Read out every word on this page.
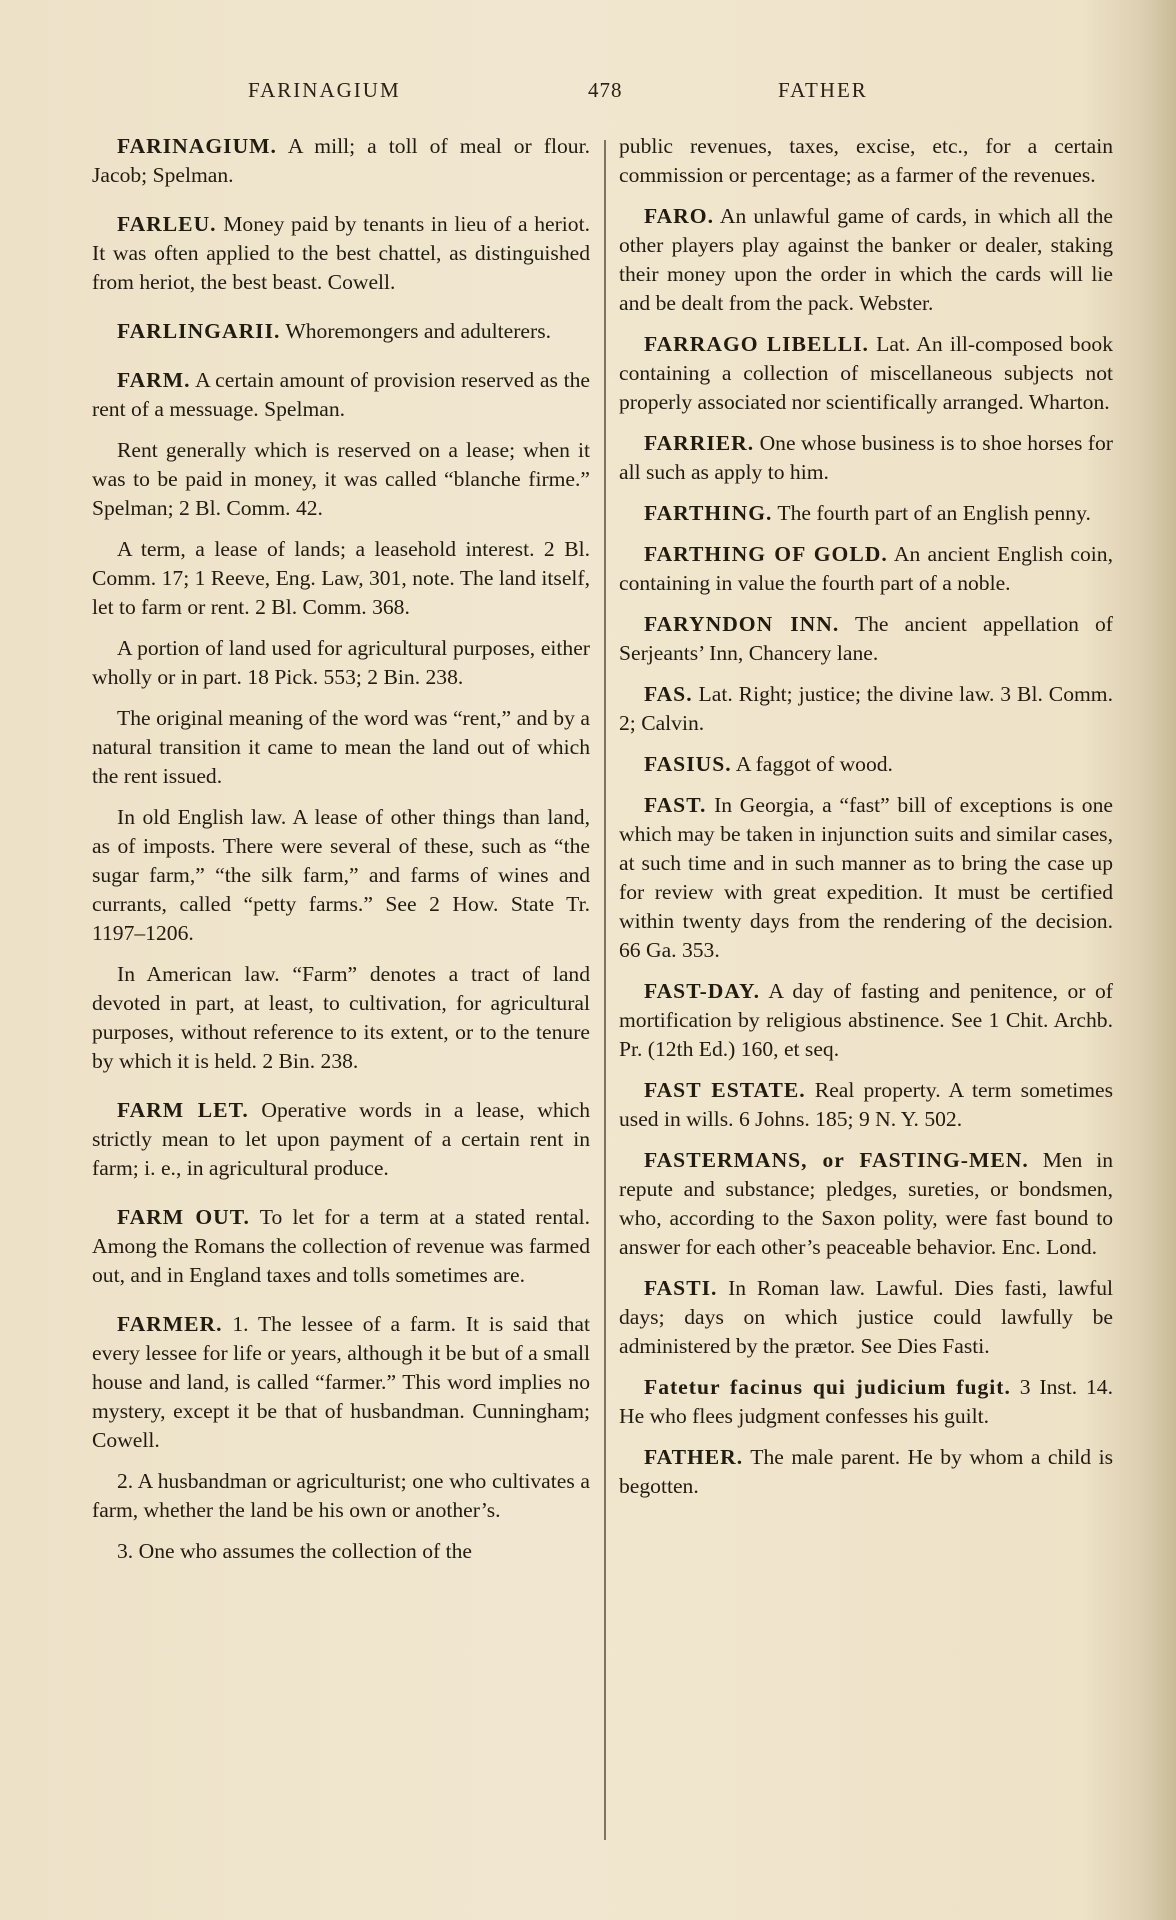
FARINAGIUM	478	FATHER

FARINAGIUM. A mill; a toll of meal or flour. Jacob; Spelman.

FARLEU. Money paid by tenants in lieu of a heriot. It was often applied to the best chattel, as distinguished from heriot, the best beast. Cowell.

FARLINGARII. Whoremongers and adulterers.

FARM. A certain amount of provision reserved as the rent of a messuage. Spelman.

Rent generally which is reserved on a lease; when it was to be paid in money, it was called “blanche firme.” Spelman; 2 Bl. Comm. 42.

A term, a lease of lands; a leasehold interest. 2 Bl. Comm. 17; 1 Reeve, Eng. Law, 301, note. The land itself, let to farm or rent. 2 Bl. Comm. 368.

A portion of land used for agricultural purposes, either wholly or in part. 18 Pick. 553; 2 Bin. 238.

The original meaning of the word was “rent,” and by a natural transition it came to mean the land out of which the rent issued.

In old English law. A lease of other things than land, as of imposts. There were several of these, such as “the sugar farm,” “the silk farm,” and farms of wines and currants, called “petty farms.” See 2 How. State Tr. 1197–1206.

In American law. “Farm” denotes a tract of land devoted in part, at least, to cultivation, for agricultural purposes, without reference to its extent, or to the tenure by which it is held. 2 Bin. 238.

FARM LET. Operative words in a lease, which strictly mean to let upon payment of a certain rent in farm; i. e., in agricultural produce.

FARM OUT. To let for a term at a stated rental. Among the Romans the collection of revenue was farmed out, and in England taxes and tolls sometimes are.

FARMER. 1. The lessee of a farm. It is said that every lessee for life or years, although it be but of a small house and land, is called “farmer.” This word implies no mystery, except it be that of husbandman. Cunningham; Cowell.

2. A husbandman or agriculturist; one who cultivates a farm, whether the land be his own or another’s.

3. One who assumes the collection of the

public revenues, taxes, excise, etc., for a certain commission or percentage; as a farmer of the revenues.

FARO. An unlawful game of cards, in which all the other players play against the banker or dealer, staking their money upon the order in which the cards will lie and be dealt from the pack. Webster.

FARRAGO LIBELLI. Lat. An ill-composed book containing a collection of miscellaneous subjects not properly associated nor scientifically arranged. Wharton.

FARRIER. One whose business is to shoe horses for all such as apply to him.

FARTHING. The fourth part of an English penny.

FARTHING OF GOLD. An ancient English coin, containing in value the fourth part of a noble.

FARYNDON INN. The ancient appellation of Serjeants’ Inn, Chancery lane.

FAS. Lat. Right; justice; the divine law. 3 Bl. Comm. 2; Calvin.

FASIUS. A faggot of wood.

FAST. In Georgia, a “fast” bill of exceptions is one which may be taken in injunction suits and similar cases, at such time and in such manner as to bring the case up for review with great expedition. It must be certified within twenty days from the rendering of the decision. 66 Ga. 353.

FAST-DAY. A day of fasting and penitence, or of mortification by religious abstinence. See 1 Chit. Archb. Pr. (12th Ed.) 160, et seq.

FAST ESTATE. Real property. A term sometimes used in wills. 6 Johns. 185; 9 N. Y. 502.

FASTERMANS, or FASTING-MEN. Men in repute and substance; pledges, sureties, or bondsmen, who, according to the Saxon polity, were fast bound to answer for each other’s peaceable behavior. Enc. Lond.

FASTI. In Roman law. Lawful. Dies fasti, lawful days; days on which justice could lawfully be administered by the prætor. See Dies Fasti.

Fatetur facinus qui judicium fugit. 3 Inst. 14. He who flees judgment confesses his guilt.

FATHER. The male parent. He by whom a child is begotten.
